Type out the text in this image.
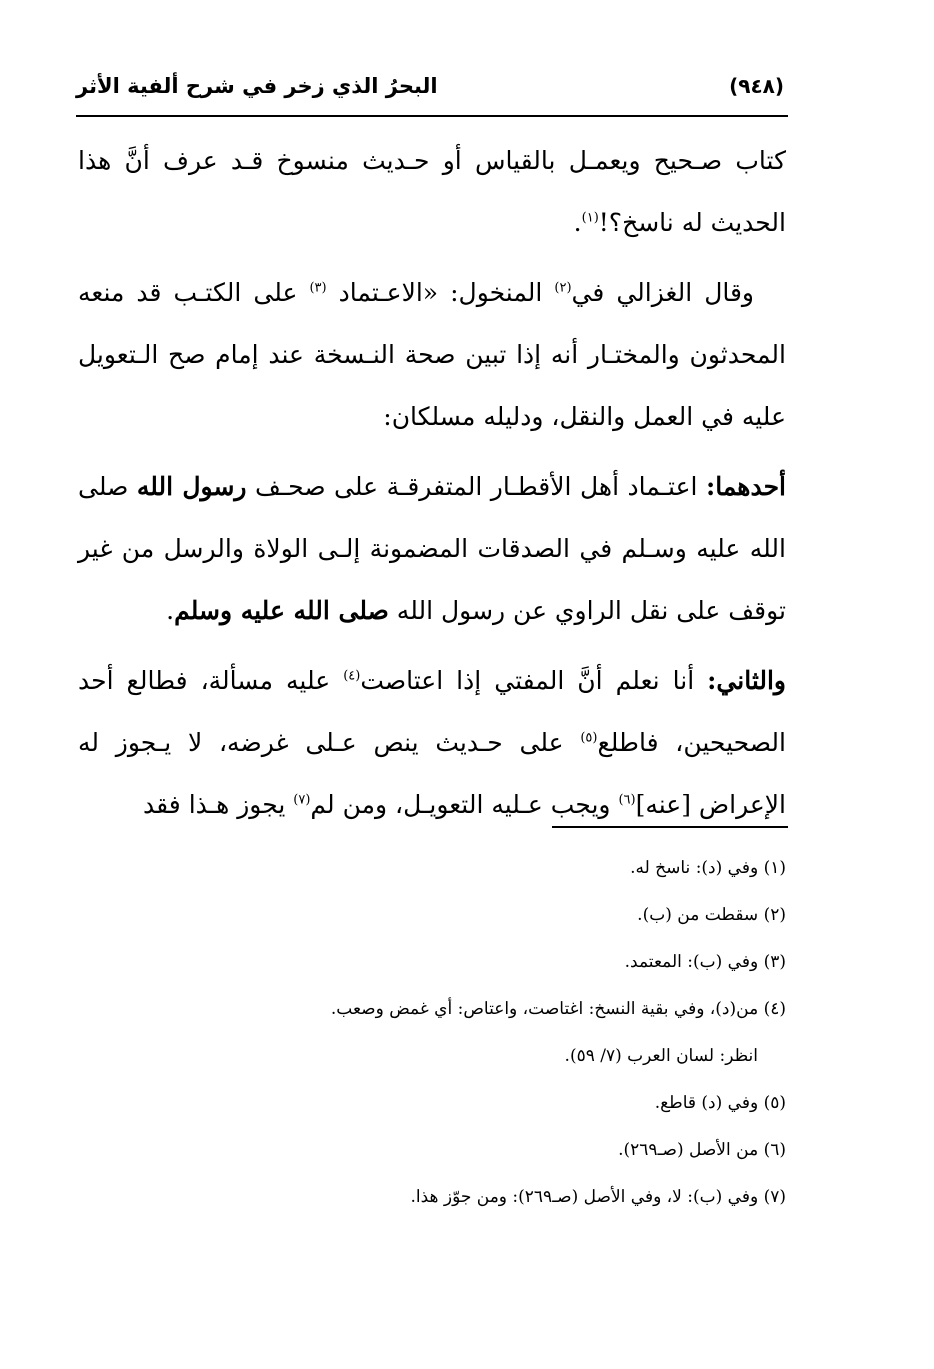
(٩٤٨)
البحرُ الذي زخر في شرح ألفية الأثر

كتاب صـحيح ويعمـل بالقياس أو حـديث منسوخ قـد عرف أنَّ هذا الحديث له ناسخ؟!$^{(١)}$.

وقال الغزالي في$^{(٢)}$ المنخول: «الاعـتماد $^{(٣)}$ على الكتـب قد منعه المحدثون والمختـار أنه إذا تبين صحة النـسخة عند إمام صح الـتعويل عليه في العمل والنقل، ودليله مسلكان:

أحدهما: اعتـماد أهل الأقطـار المتفرقـة على صحـف رسول الله صلى الله عليه وسـلم في الصدقات المضمونة إلـى الولاة والرسل من غير توقف على نقل الراوي عن رسول الله صلى الله عليه وسلم.

والثاني: أنا نعلم أنَّ المفتي إذا اعتاصت$^{(٤)}$ عليه مسألة، فطالع أحد الصحيحين، فاطلع$^{(٥)}$ على حـديث ينص عـلى غرضه، لا يـجوز له الإعراض [عنه]$^{(٦)}$ ويجب عـليه التعويـل، ومن لم$^{(٧)}$ يجوز هـذا فقد

(١) وفي (د): ناسخ له.
(٢) سقطت من (ب).
(٣) وفي (ب): المعتمد.
(٤) من(د)، وفي بقية النسخ: اغتاصت، واعتاص: أي غمض وصعب.
انظر: لسان العرب (٧/ ٥٩).
(٥) وفي (د) قاطع.
(٦) من الأصل (صـ٢٦٩).
(٧) وفي (ب): لا، وفي الأصل (صـ٢٦٩): ومن جوّز هذا.
